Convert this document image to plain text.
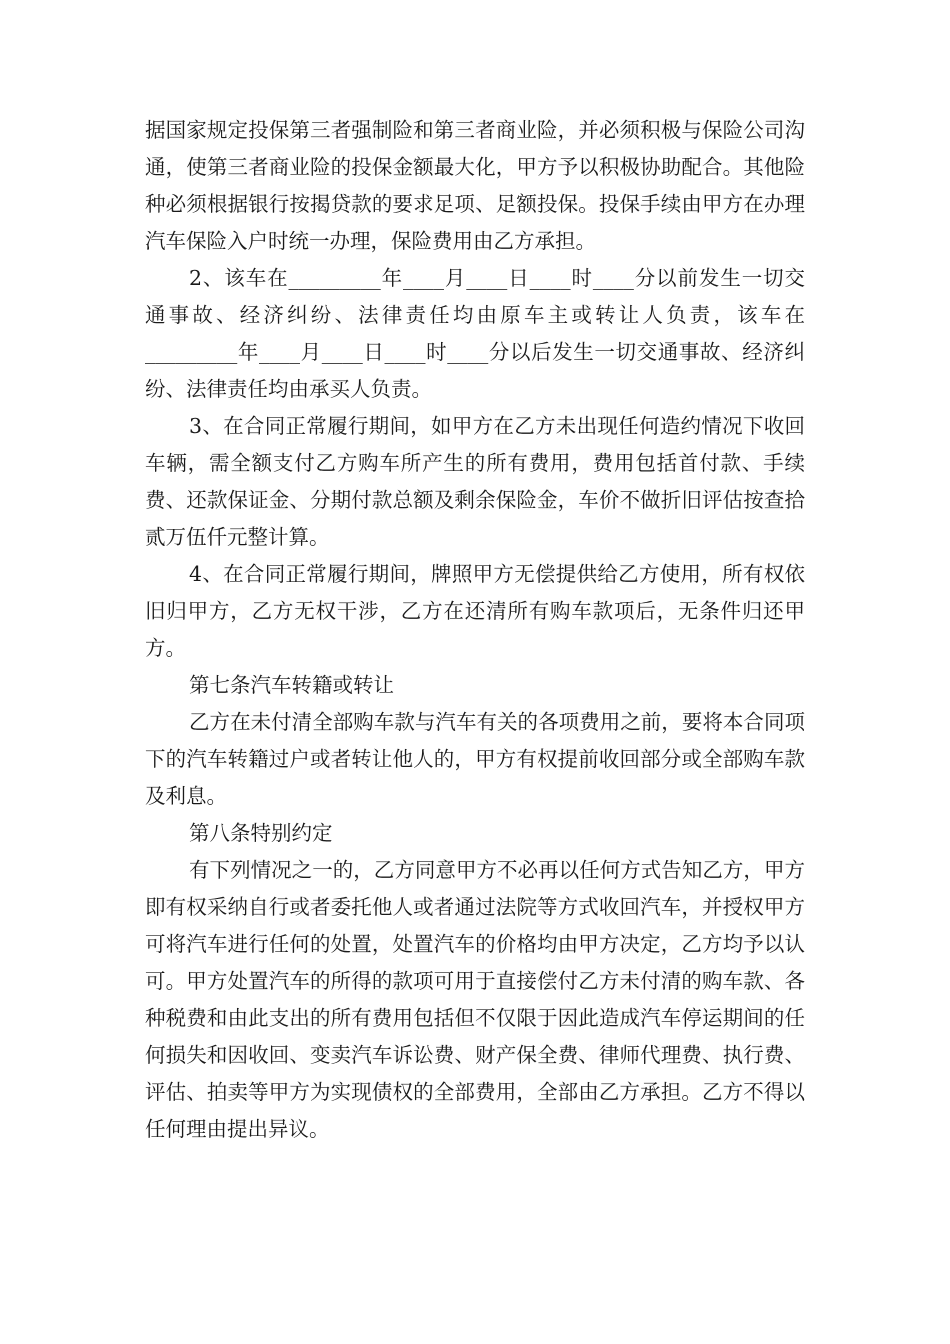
据国家规定投保第三者强制险和第三者商业险，并必须积极与保险公司沟通，使第三者商业险的投保金额最大化，甲方予以积极协助配合。其他险种必须根据银行按揭贷款的要求足项、足额投保。投保手续由甲方在办理汽车保险入户时统一办理，保险费用由乙方承担。

2、该车在_________年____月____日____时____分以前发生一切交通事故、经济纠纷、法律责任均由原车主或转让人负责，该车在_________年____月____日____时____分以后发生一切交通事故、经济纠纷、法律责任均由承买人负责。

3、在合同正常履行期间，如甲方在乙方未出现任何造约情况下收回车辆，需全额支付乙方购车所产生的所有费用，费用包括首付款、手续费、还款保证金、分期付款总额及剩余保险金，车价不做折旧评估按查拾贰万伍仟元整计算。

4、在合同正常履行期间，牌照甲方无偿提供给乙方使用，所有权依旧归甲方，乙方无权干涉，乙方在还清所有购车款项后，无条件归还甲方。

第七条汽车转籍或转让

乙方在未付清全部购车款与汽车有关的各项费用之前，要将本合同项下的汽车转籍过户或者转让他人的，甲方有权提前收回部分或全部购车款及利息。

第八条特别约定

有下列情况之一的，乙方同意甲方不必再以任何方式告知乙方，甲方即有权采纳自行或者委托他人或者通过法院等方式收回汽车，并授权甲方可将汽车进行任何的处置，处置汽车的价格均由甲方决定，乙方均予以认可。甲方处置汽车的所得的款项可用于直接偿付乙方未付清的购车款、各种税费和由此支出的所有费用包括但不仅限于因此造成汽车停运期间的任何损失和因收回、变卖汽车诉讼费、财产保全费、律师代理费、执行费、评估、拍卖等甲方为实现债权的全部费用，全部由乙方承担。乙方不得以任何理由提出异议。
